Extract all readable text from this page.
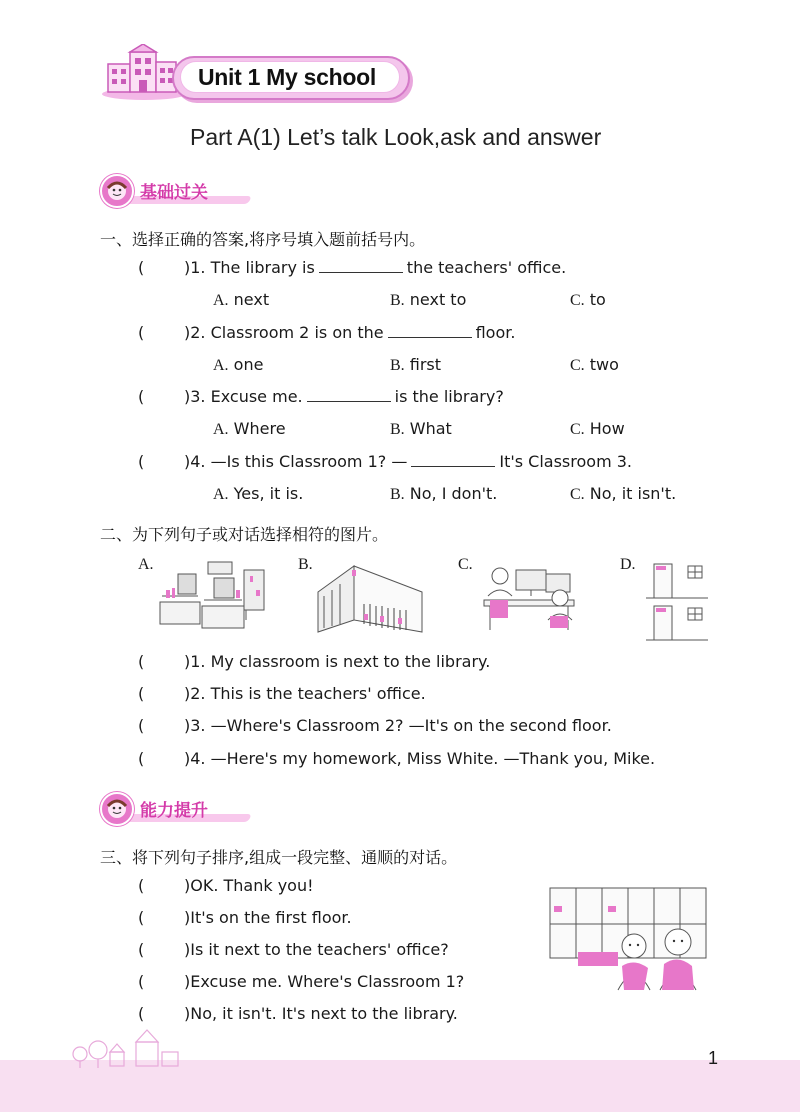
Unit 1 My school
Part A(1) Let’s talk Look,ask and answer
基础过关
一、选择正确的答案,将序号填入题前括号内。
( )1. The library is	the teachers' office.
A. next	B. next to	C. to
( )2. Classroom 2 is on the	floor.
A. one	B. first	C. two
( )3. Excuse me.	is the library?
A. Where	B. What	C. How
( )4. —Is this Classroom 1? —	It's Classroom 3.
A. Yes, it is.	B. No, I don't.	C. No, it isn't.
二、为下列句子或对话选择相符的图片。
A.	B.	C.	D.
( )1. My classroom is next to the library.
( )2. This is the teachers' office.
( )3. —Where's Classroom 2? —It's on the second floor.
( )4. —Here's my homework, Miss White. —Thank you, Mike.
能力提升
三、将下列句子排序,组成一段完整、通顺的对话。
( )OK. Thank you!
( )It's on the first floor.
( )Is it next to the teachers' office?
( )Excuse me. Where's Classroom 1?
( )No, it isn't. It's next to the library.
1
